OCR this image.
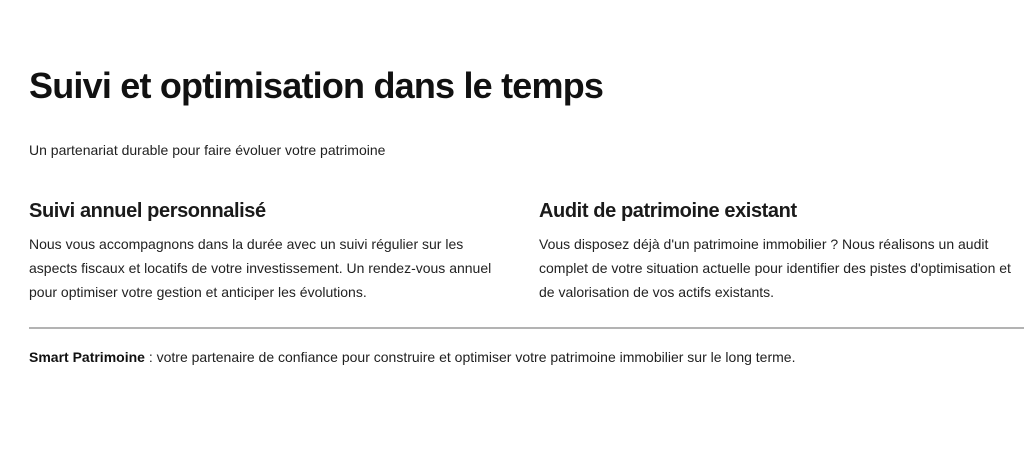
Suivi et optimisation dans le temps

Un partenariat durable pour faire évoluer votre patrimoine

Suivi annuel personnalisé

Nous vous accompagnons dans la durée avec un suivi régulier sur les aspects fiscaux et locatifs de votre investissement. Un rendez-vous annuel pour optimiser votre gestion et anticiper les évolutions.

Audit de patrimoine existant

Vous disposez déjà d'un patrimoine immobilier ? Nous réalisons un audit complet de votre situation actuelle pour identifier des pistes d'optimisation et de valorisation de vos actifs existants.

Smart Patrimoine : votre partenaire de confiance pour construire et optimiser votre patrimoine immobilier sur le long terme.
